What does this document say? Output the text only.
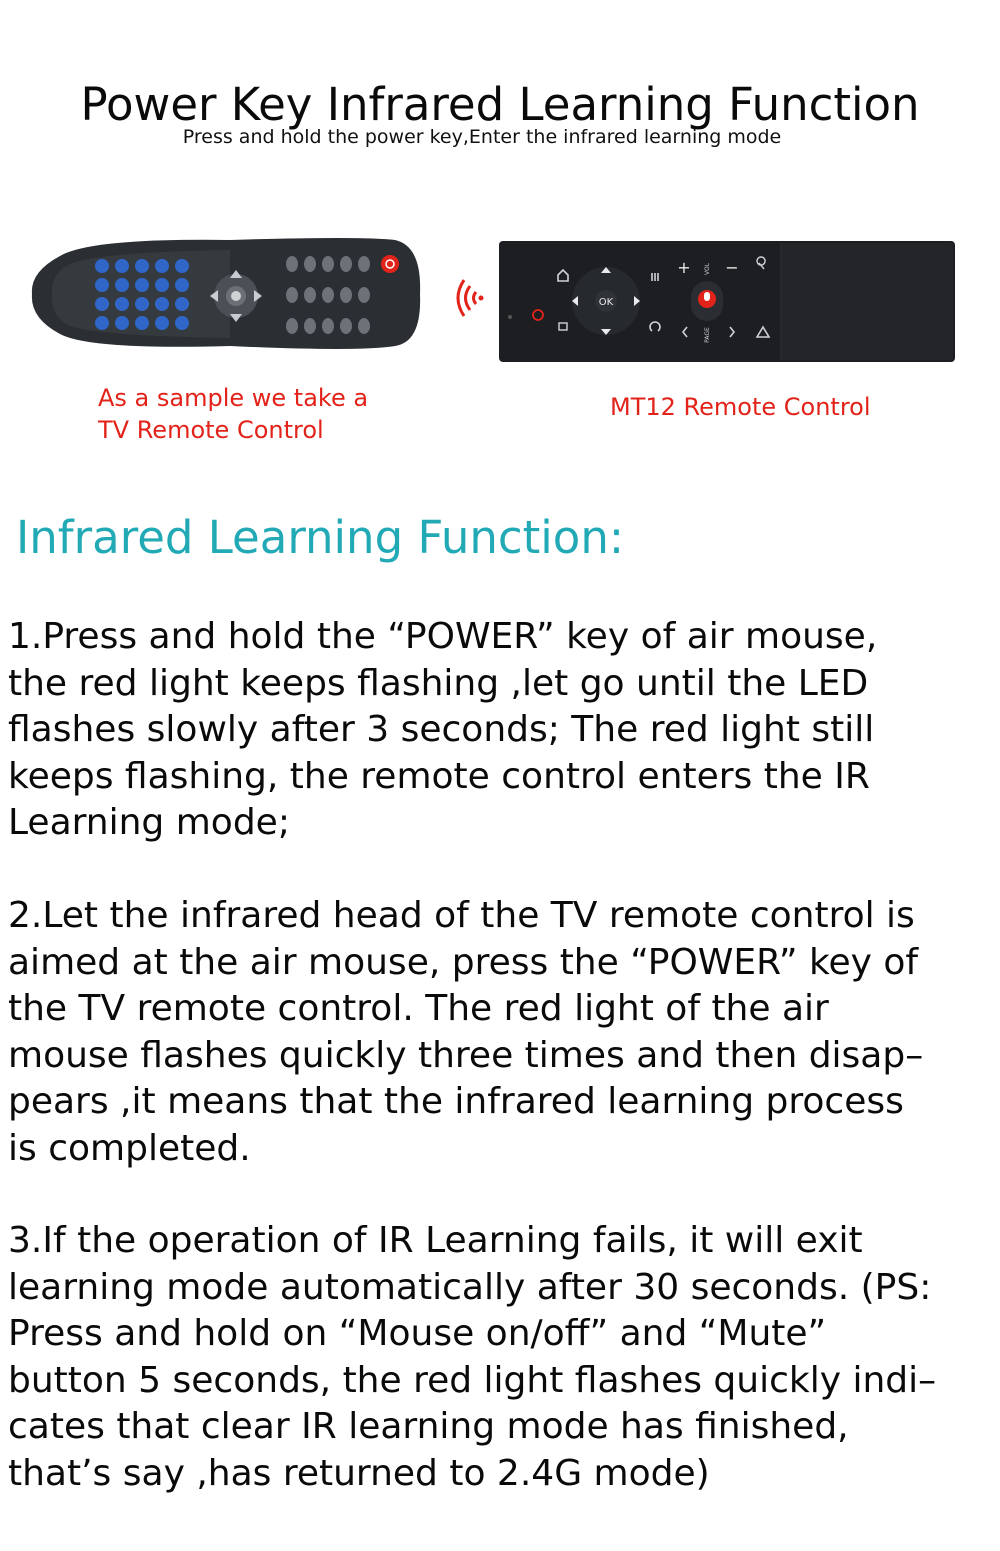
Power Key Infrared Learning Function
Press and hold the power key,Enter the infrared learning mode
OK
+ VOL −
PAGE
As a sample we take a
TV Remote Control
MT12 Remote Control
Infrared Learning Function:
1.Press and hold the “POWER” key of air mouse,
the red light keeps flashing ,let go until the LED
flashes slowly after 3 seconds; The red light still
keeps flashing, the remote control enters the IR
Learning mode;
2.Let the infrared head of the TV remote control is
aimed at the air mouse, press the “POWER” key of
the TV remote control. The red light of the air
mouse flashes quickly three times and then disap–
pears ,it means that the infrared learning process
is completed.
3.If the operation of IR Learning fails, it will exit
learning mode automatically after 30 seconds. (PS:
Press and hold on “Mouse on/off” and “Mute”
button 5 seconds, the red light flashes quickly indi–
cates that clear IR learning mode has finished,
that’s say ,has returned to 2.4G mode)
